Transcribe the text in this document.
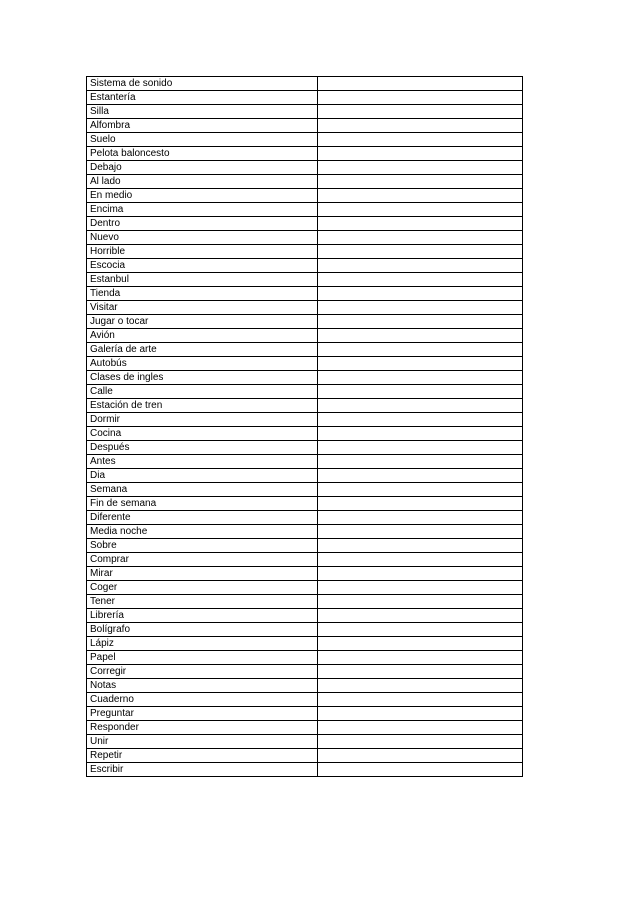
Sistema de sonido	
Estantería	
Silla	
Alfombra	
Suelo	
Pelota baloncesto	
Debajo	
Al lado	
En medio	
Encima	
Dentro	
Nuevo	
Horrible	
Escocia	
Estanbul	
Tienda	
Visitar	
Jugar o tocar	
Avión	
Galería de arte	
Autobús	
Clases de ingles	
Calle	
Estación de tren	
Dormir	
Cocina	
Después	
Antes	
Dia	
Semana	
Fin de semana	
Diferente	
Media noche	
Sobre	
Comprar	
Mirar	
Coger	
Tener	
Librería	
Bolígrafo	
Lápiz	
Papel	
Corregir	
Notas	
Cuaderno	
Preguntar	
Responder	
Unir	
Repetir	
Escribir	
